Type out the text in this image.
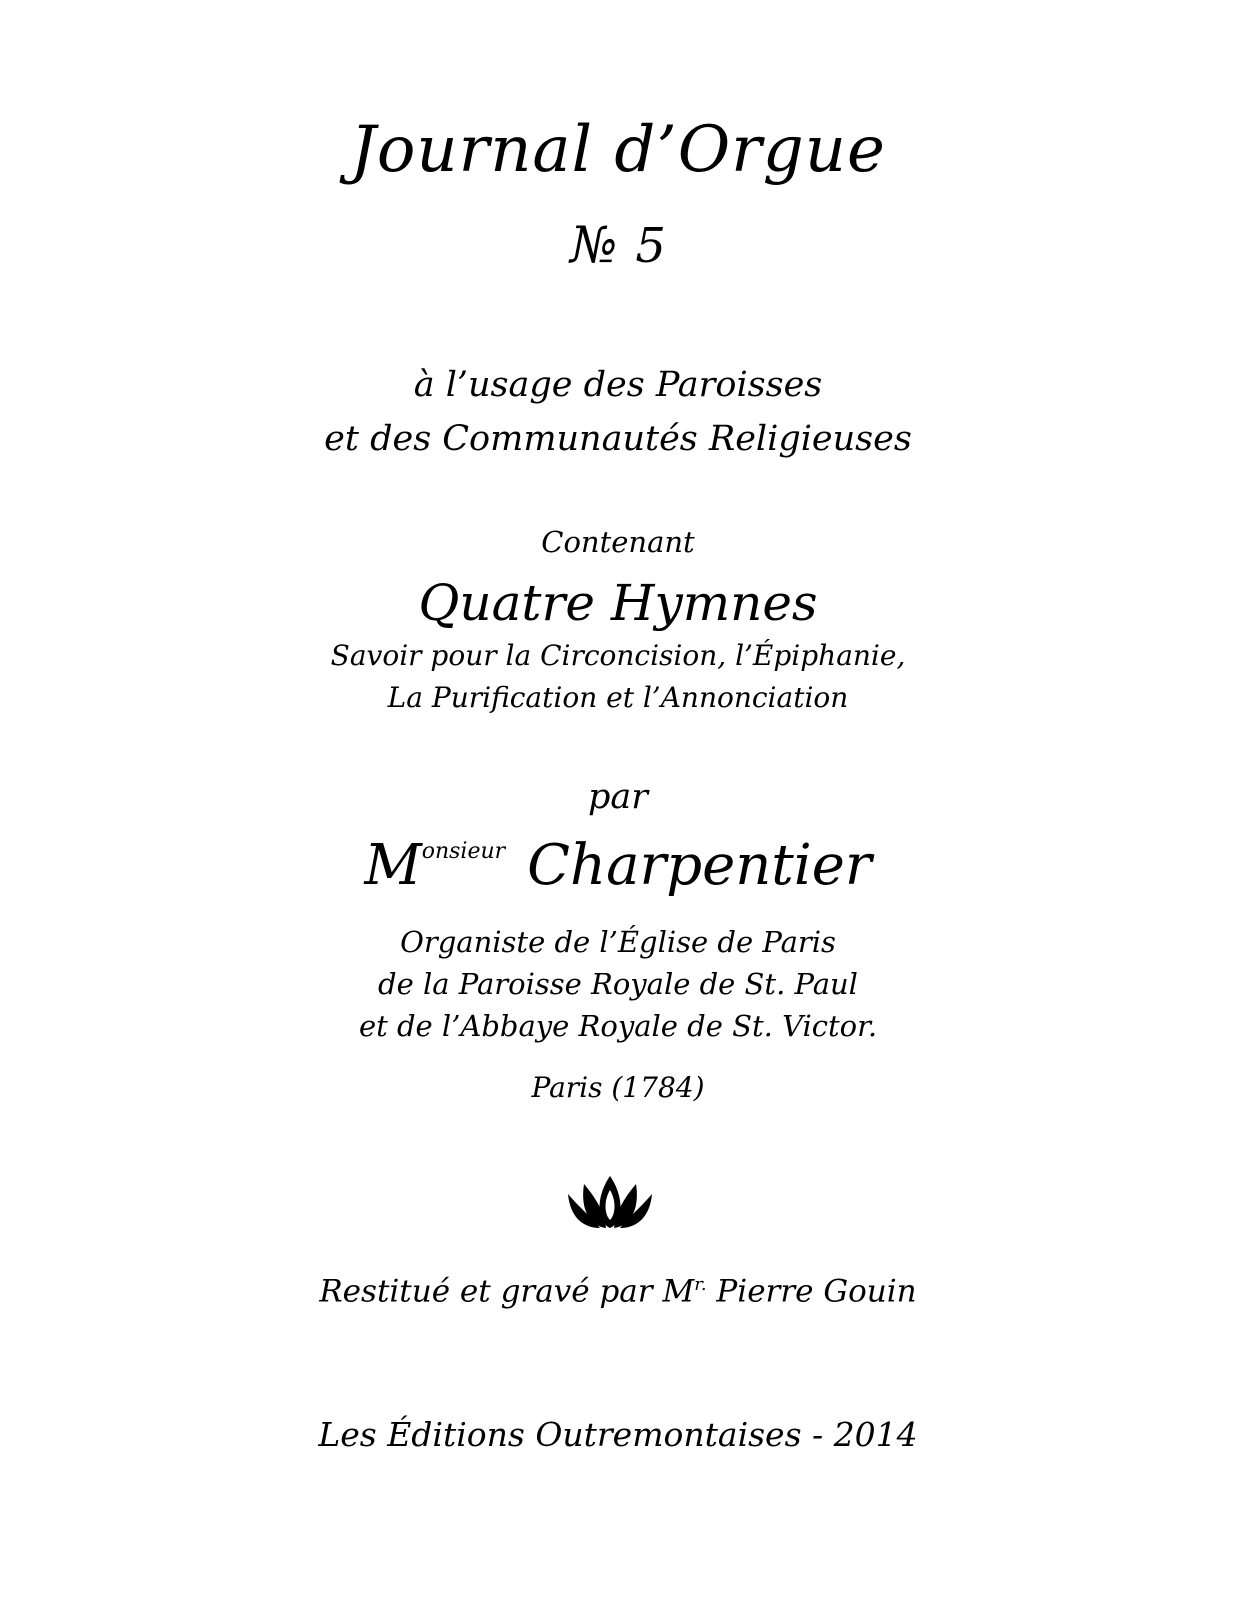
Journal d’Orgue
№ 5
à l’usage des Paroisses
et des Communautés Religieuses
Contenant
Quatre Hymnes
Savoir pour la Circoncision, l’Épiphanie,
La Purification et l’Annonciation
par
$M^{onsieur}$ Charpentier
Organiste de l’Église de Paris
de la Paroisse Royale de St. Paul
et de l’Abbaye Royale de St. Victor.
Paris (1784)
Restitué et gravé par $M^{r.}$ Pierre Gouin
Les Éditions Outremontaises - 2014
